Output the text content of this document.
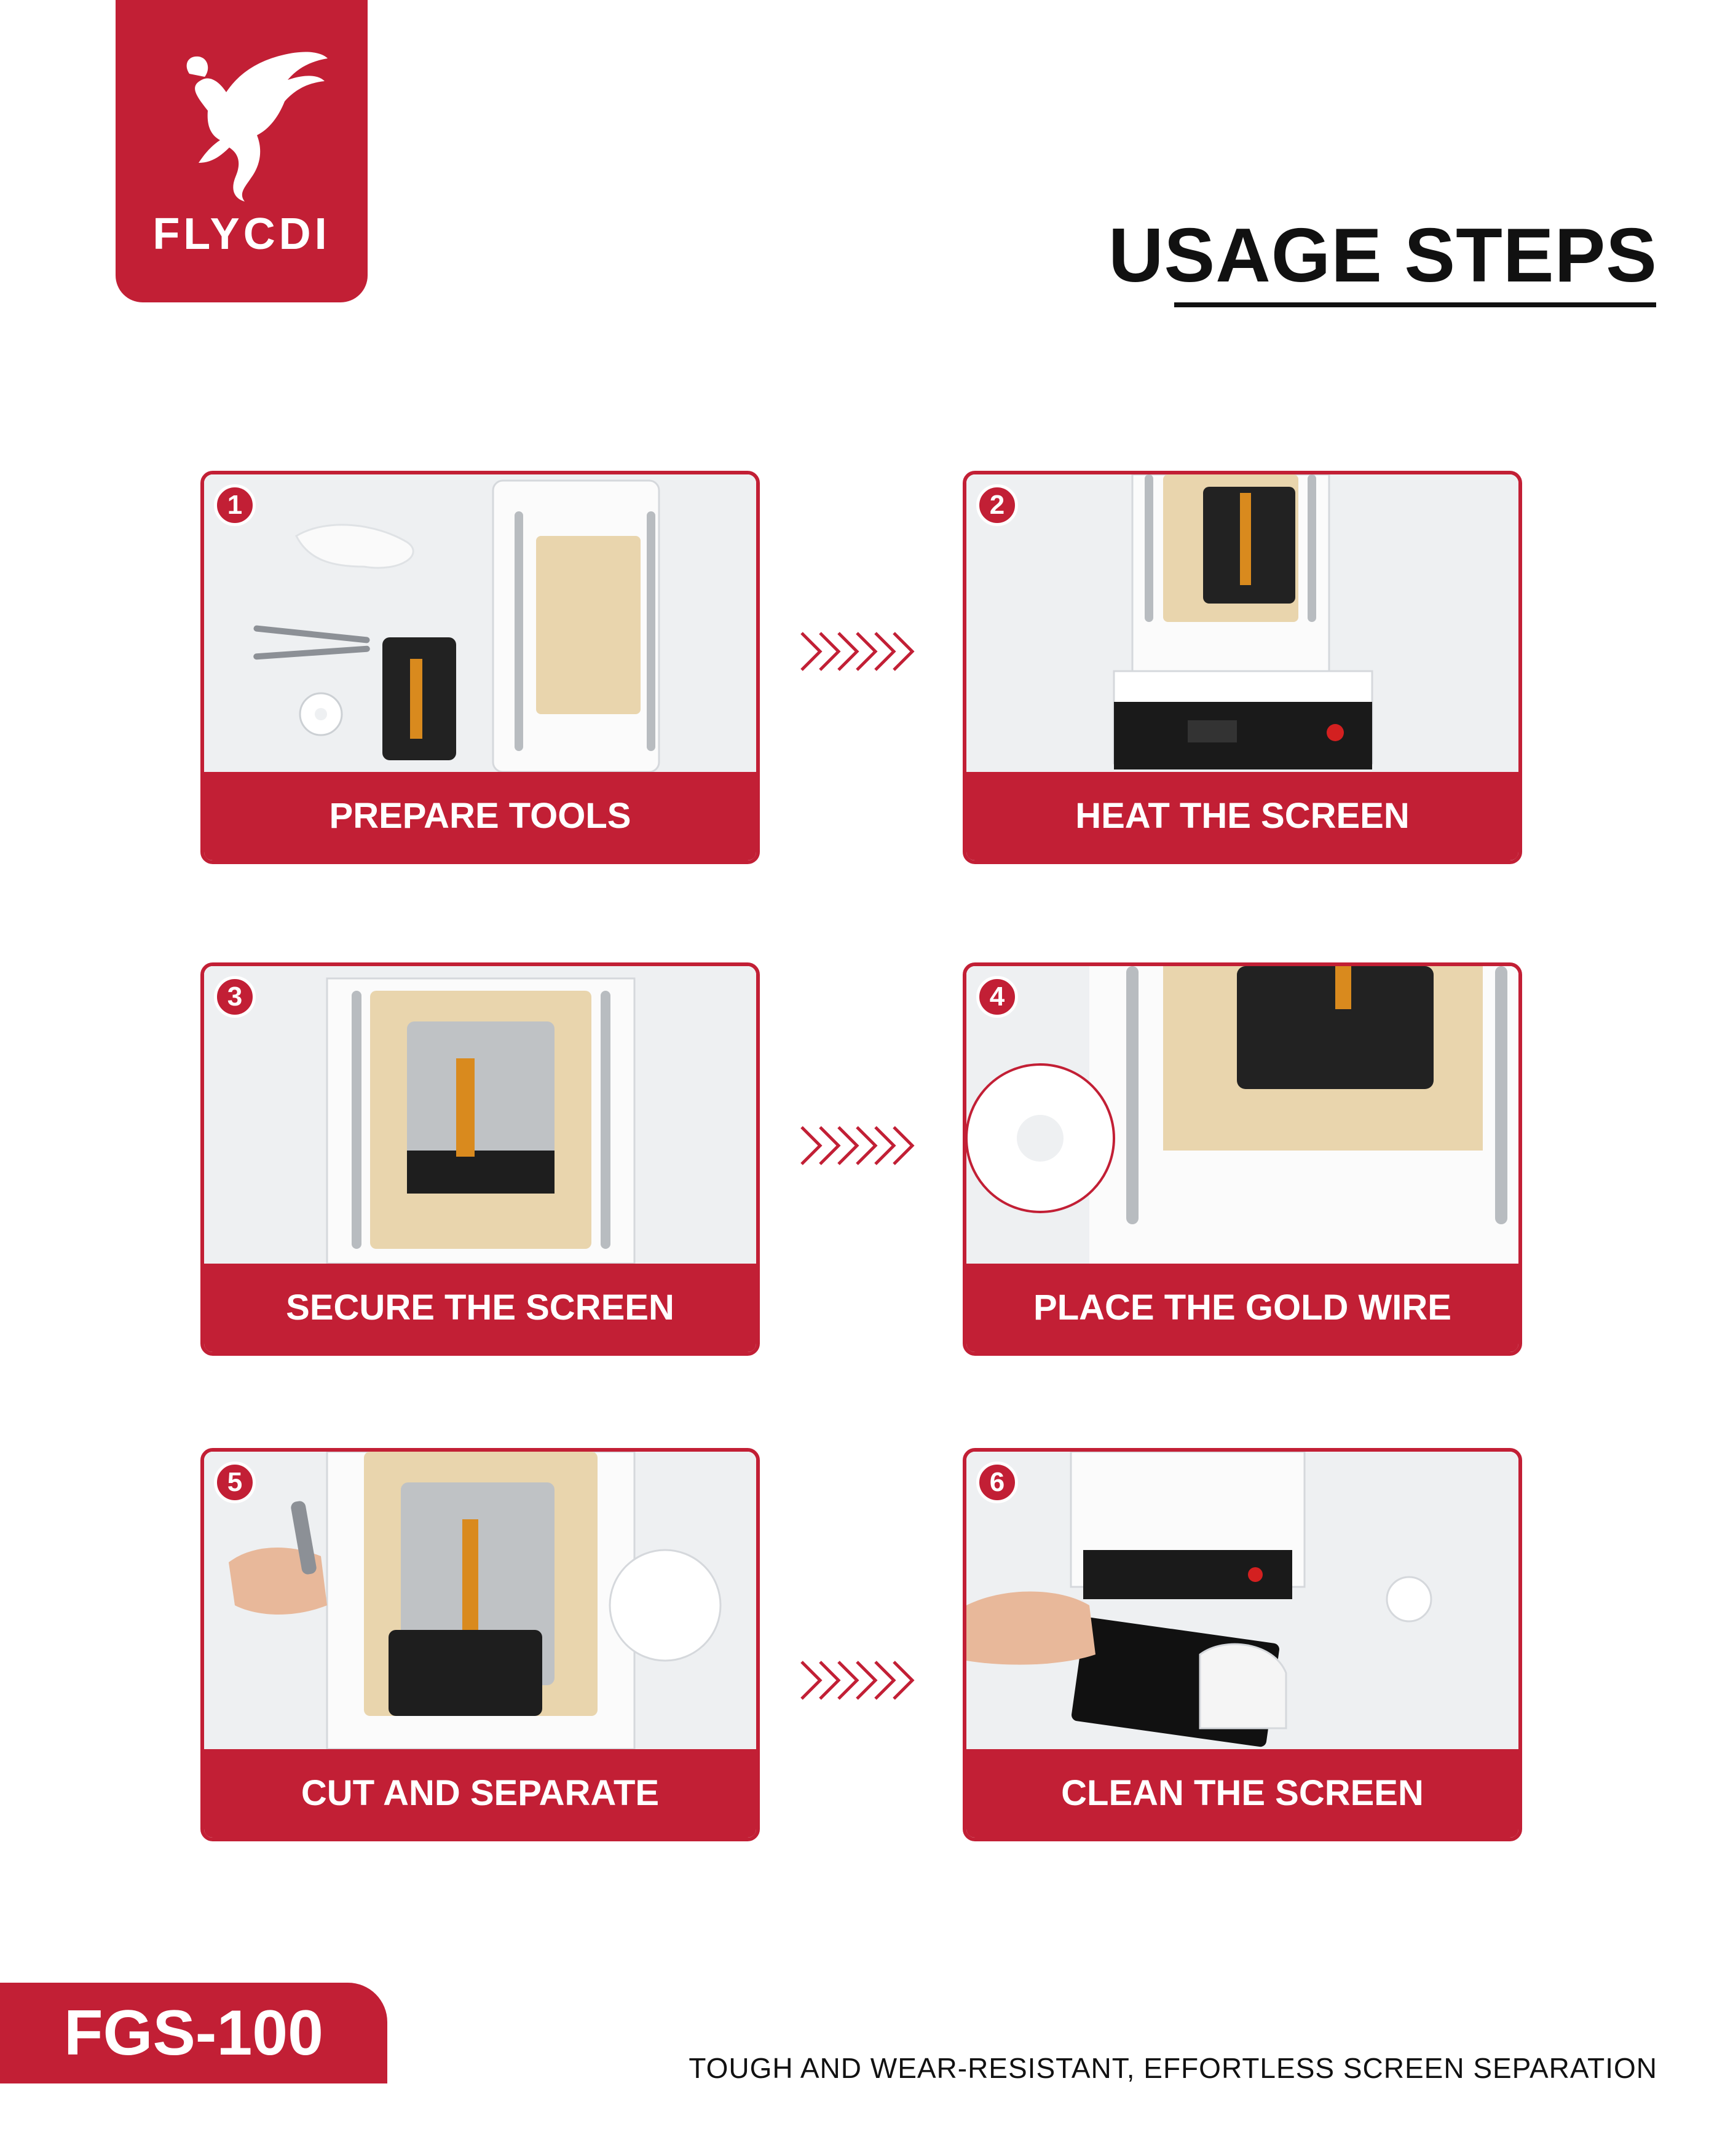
FLYCDI	USAGE STEPS
1
PREPARE TOOLS
2
HEAT THE SCREEN
3
SECURE THE SCREEN
4
PLACE THE GOLD WIRE
5
CUT AND SEPARATE
6
CLEAN THE SCREEN
FGS-100	TOUGH AND WEAR-RESISTANT, EFFORTLESS SCREEN SEPARATION
